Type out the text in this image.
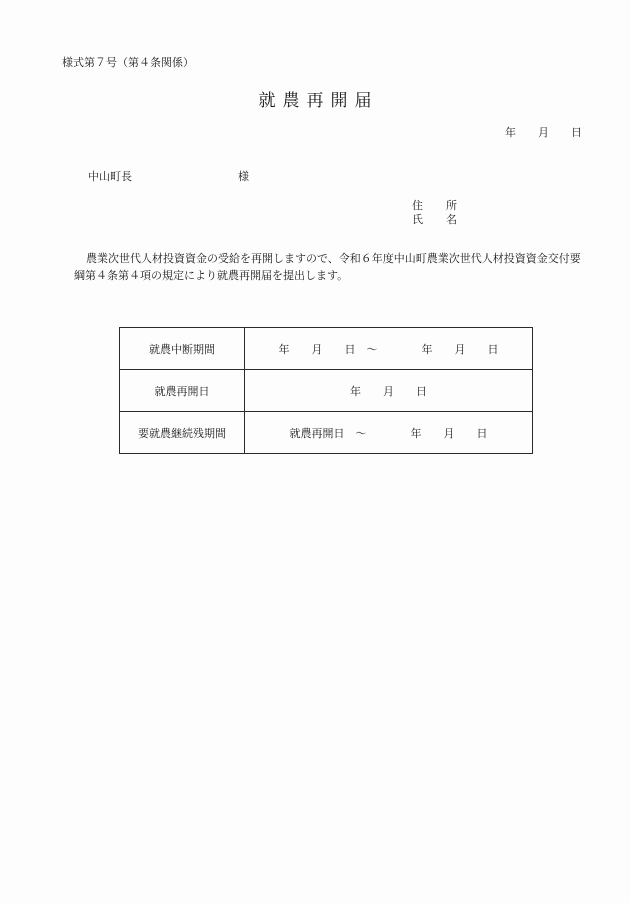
様式第７号（第４条関係）
就農再開届
年　　月　　日
中山町長	様
住　所
氏　名

農業次世代人材投資資金の受給を再開しますので、令和６年度中山町農業次世代人材投資資金交付要綱第４条第４項の規定により就農再開届を提出します。

就農中断期間	年　　月　　日　～　　　　年　　月　　日
就農再開日	年　　月　　日
要就農継続残期間	就農再開日　～　　　　年　　月　　日
